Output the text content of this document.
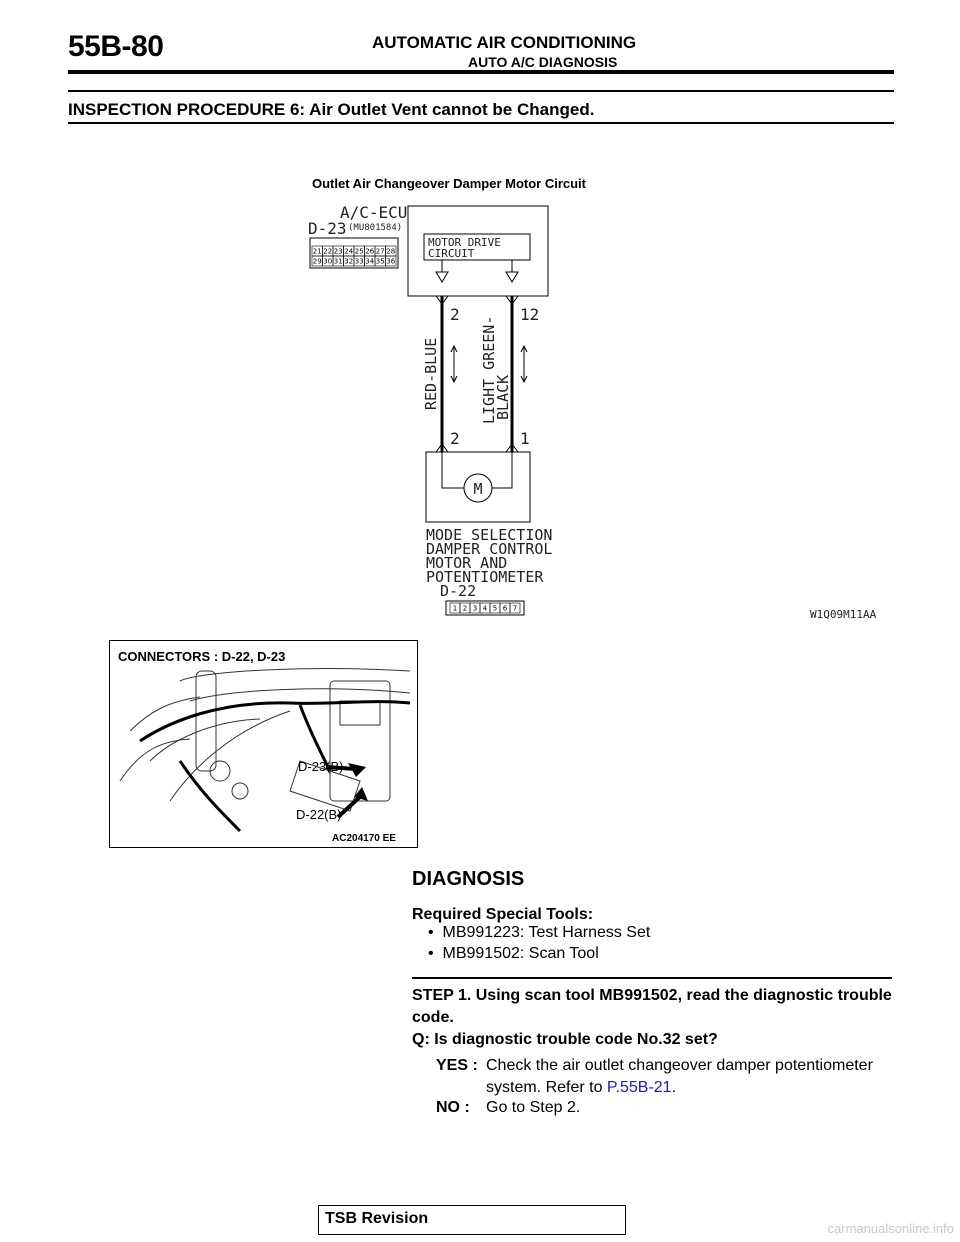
55B-80	AUTOMATIC AIR CONDITIONING
AUTO A/C DIAGNOSIS
INSPECTION PROCEDURE 6: Air Outlet Vent cannot be Changed.
Outlet Air Changeover Damper Motor Circuit
A/C-ECU
D-23 (MU801584)
21 22 23 24 25 26 27 28
29 30 31 32 33 34 35 36
MOTOR DRIVE
CIRCUIT
2	12
2	1
RED-BLUE	LIGHT GREEN-
BLACK
M
MODE SELECTION
DAMPER CONTROL
MOTOR AND
POTENTIOMETER
D-22
1 2 3 4 5 6 7	W1Q09M11AA
CONNECTORS : D-22, D-23
D-23(B)
D-22(B)
AC204170 EE
DIAGNOSIS
Required Special Tools:
•  MB991223: Test Harness Set
•  MB991502: Scan Tool
STEP 1. Using scan tool MB991502, read the diagnostic trouble code.
Q: Is diagnostic trouble code No.32 set?
YES : Check the air outlet changeover damper potentiometer system. Refer to P.55B-21.
NO : Go to Step 2.
TSB Revision
carmanualsonline.info
